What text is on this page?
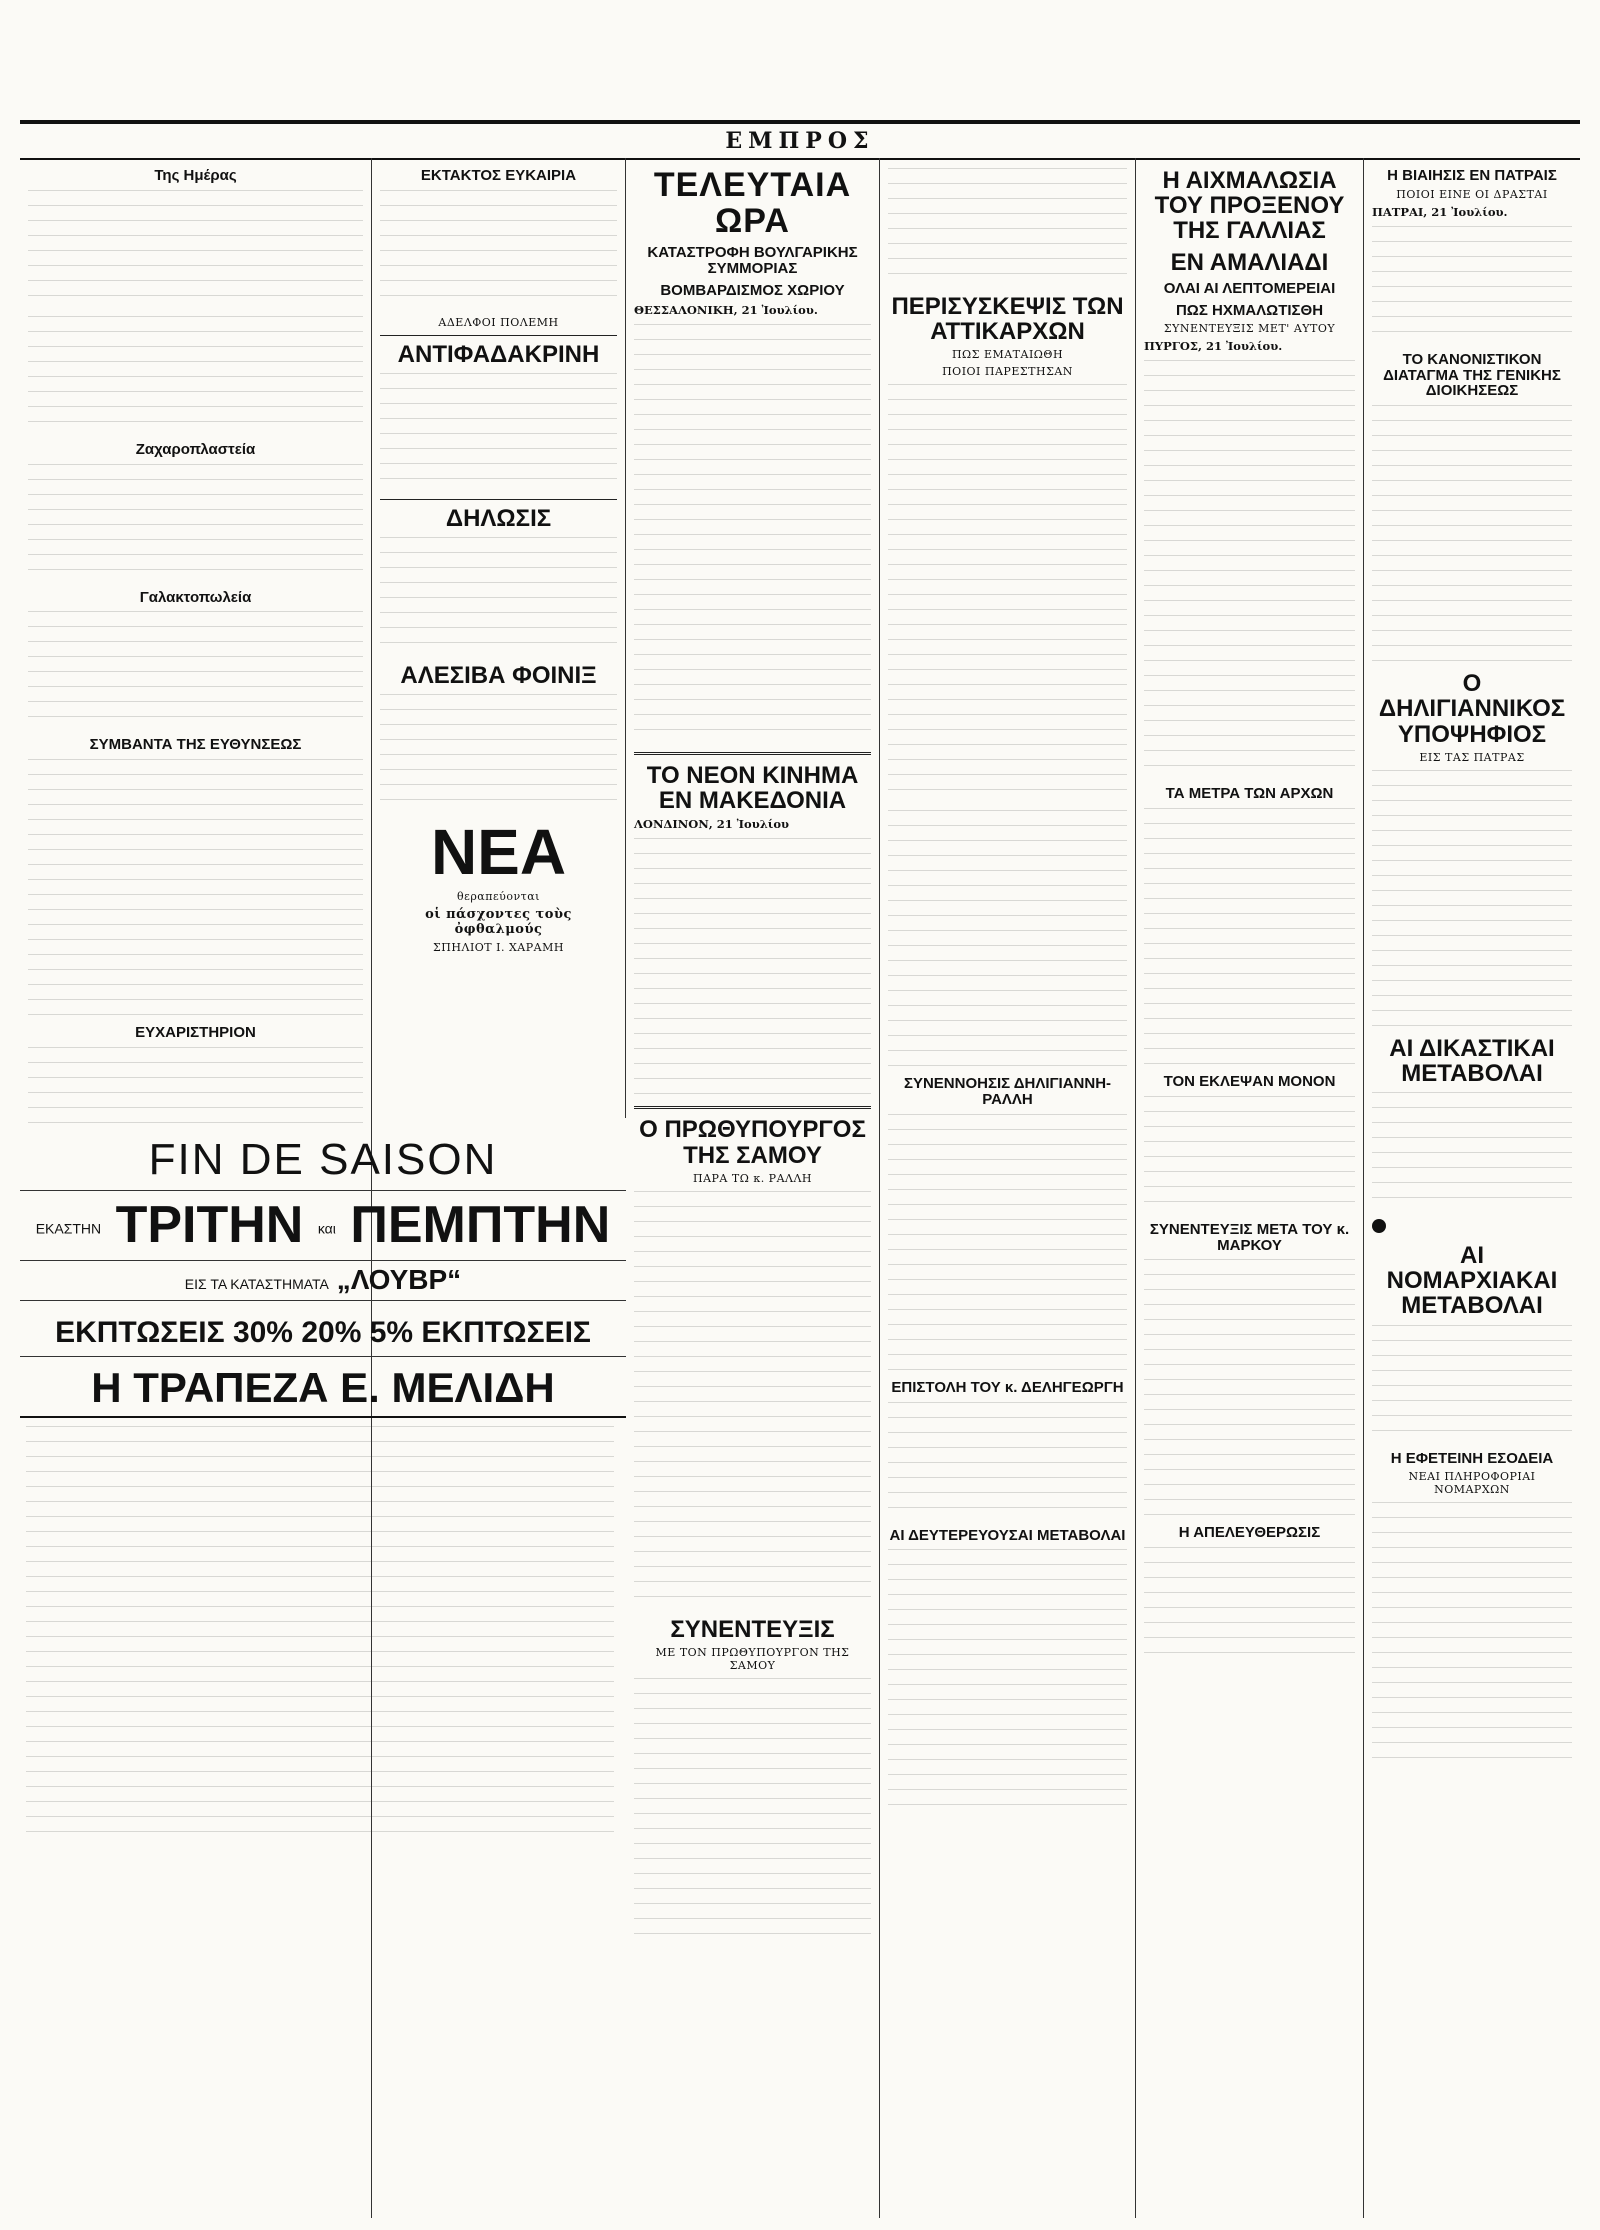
ΕΜΠΡΟΣ
Της Ημέρας
Ζαχαροπλαστεία
Γαλακτοπωλεία
ΣΥΜΒΑΝΤΑ ΤΗΣ ΕΥΘΥΝΣΕΩΣ
ΕΥΧΑΡΙΣΤΗΡΙΟΝ
ΕΚΤΑΚΤΟΣ ΕΥΚΑΙΡΙΑ
ΑΔΕΛΦΟΙ ΠΟΛΕΜΗ
ΑΝΤΙΦΑΔΑΚΡΙΝΗ
ΔΗΛΩΣΙΣ
ΑΛΕΣΙΒΑ ΦΟΙΝΙΞ
ΝΕΑ
θεραπεύονται
οἱ πάσχοντες τοὺς ὀφθαλμούς
ΣΠΗΛΙΟΤ Ι. ΧΑΡΑΜΗ
ΤΕΛΕΥΤΑΙΑ ΩΡΑ
ΚΑΤΑΣΤΡΟΦΗ ΒΟΥΛΓΑΡΙΚΗΣ ΣΥΜΜΟΡΙΑΣ
ΒΟΜΒΑΡΔΙΣΜΟΣ ΧΩΡΙΟΥ

ΘΕΣΣΑΛΟΝΙΚΗ, 21 Ἰουλίου.

ΤΟ ΝΕΟΝ ΚΙΝΗΜΑ ΕΝ ΜΑΚΕΔΟΝΙΑ

ΛΟΝΔΙΝΟΝ, 21 Ἰουλίου

Ο ΠΡΩΘΥΠΟΥΡΓΟΣ ΤΗΣ ΣΑΜΟΥ
ΠΑΡΑ ΤΩ κ. ΡΑΛΛΗ
ΣΥΝΕΝΤΕΥΞΙΣ
ΜΕ ΤΟΝ ΠΡΩΘΥΠΟΥΡΓΟΝ ΤΗΣ ΣΑΜΟΥ
ΠΕΡΙΣΥΣΚΕΨΙΣ ΤΩΝ ΑΤΤΙΚΑΡΧΩΝ
ΠΩΣ ΕΜΑΤΑΙΩΘΗ
ΠΟΙΟΙ ΠΑΡΕΣΤΗΣΑΝ
ΣΥΝΕΝΝΟΗΣΙΣ ΔΗΛΙΓΙΑΝΝΗ-ΡΑΛΛΗ
ΕΠΙΣΤΟΛΗ ΤΟΥ κ. ΔΕΛΗΓΕΩΡΓΗ
ΑΙ ΔΕΥΤΕΡΕΥΟΥΣΑΙ ΜΕΤΑΒΟΛΑΙ
Η ΑΙΧΜΑΛΩΣΙΑ ΤΟΥ ΠΡΟΞΕΝΟΥ ΤΗΣ ΓΑΛΛΙΑΣ
ΕΝ ΑΜΑΛΙΑΔΙ
ΟΛΑΙ ΑΙ ΛΕΠΤΟΜΕΡΕΙΑΙ
ΠΩΣ ΗΧΜΑΛΩΤΙΣΘΗ
ΣΥΝΕΝΤΕΥΞΙΣ ΜΕΤ' ΑΥΤΟΥ

ΠΥΡΓΟΣ, 21 Ἰουλίου.

ΤΑ ΜΕΤΡΑ ΤΩΝ ΑΡΧΩΝ
ΤΟΝ ΕΚΛΕΨΑΝ ΜΟΝΟΝ
ΣΥΝΕΝΤΕΥΞΙΣ ΜΕΤΑ ΤΟΥ κ. ΜΑΡΚΟΥ
Η ΑΠΕΛΕΥΘΕΡΩΣΙΣ
Η ΒΙΑΙΗΣΙΣ ΕΝ ΠΑΤΡΑΙΣ
ΠΟΙΟΙ ΕΙΝΕ ΟΙ ΔΡΑΣΤΑΙ

ΠΑΤΡΑΙ, 21 Ἰουλίου.

ΤΟ ΚΑΝΟΝΙΣΤΙΚΟΝ ΔΙΑΤΑΓΜΑ ΤΗΣ ΓΕΝΙΚΗΣ ΔΙΟΙΚΗΣΕΩΣ
Ο ΔΗΛΙΓΙΑΝΝΙΚΟΣ ΥΠΟΨΗΦΙΟΣ
ΕΙΣ ΤΑΣ ΠΑΤΡΑΣ
ΑΙ ΔΙΚΑΣΤΙΚΑΙ ΜΕΤΑΒΟΛΑΙ
ΑΙ ΝΟΜΑΡΧΙΑΚΑΙ ΜΕΤΑΒΟΛΑΙ
Η ΕΦΕΤΕΙΝΗ ΕΣΟΔΕΙΑ
ΝΕΑΙ ΠΛΗΡΟΦΟΡΙΑΙ ΝΟΜΑΡΧΩΝ
FIN DE SAISON
ΕΚΑΣΤΗΝ ΤΡΙΤΗΝ και ΠΕΜΠΤΗΝ
ΕΙΣ ΤΑ ΚΑΤΑΣΤΗΜΑΤΑ „ΛΟΥΒΡ“
ΕΚΠΤΩΣΕΙΣ 30% 20% 5% ΕΚΠΤΩΣΕΙΣ
Η ΤΡΑΠΕΖΑ Ε. ΜΕΛΙΔΗ
